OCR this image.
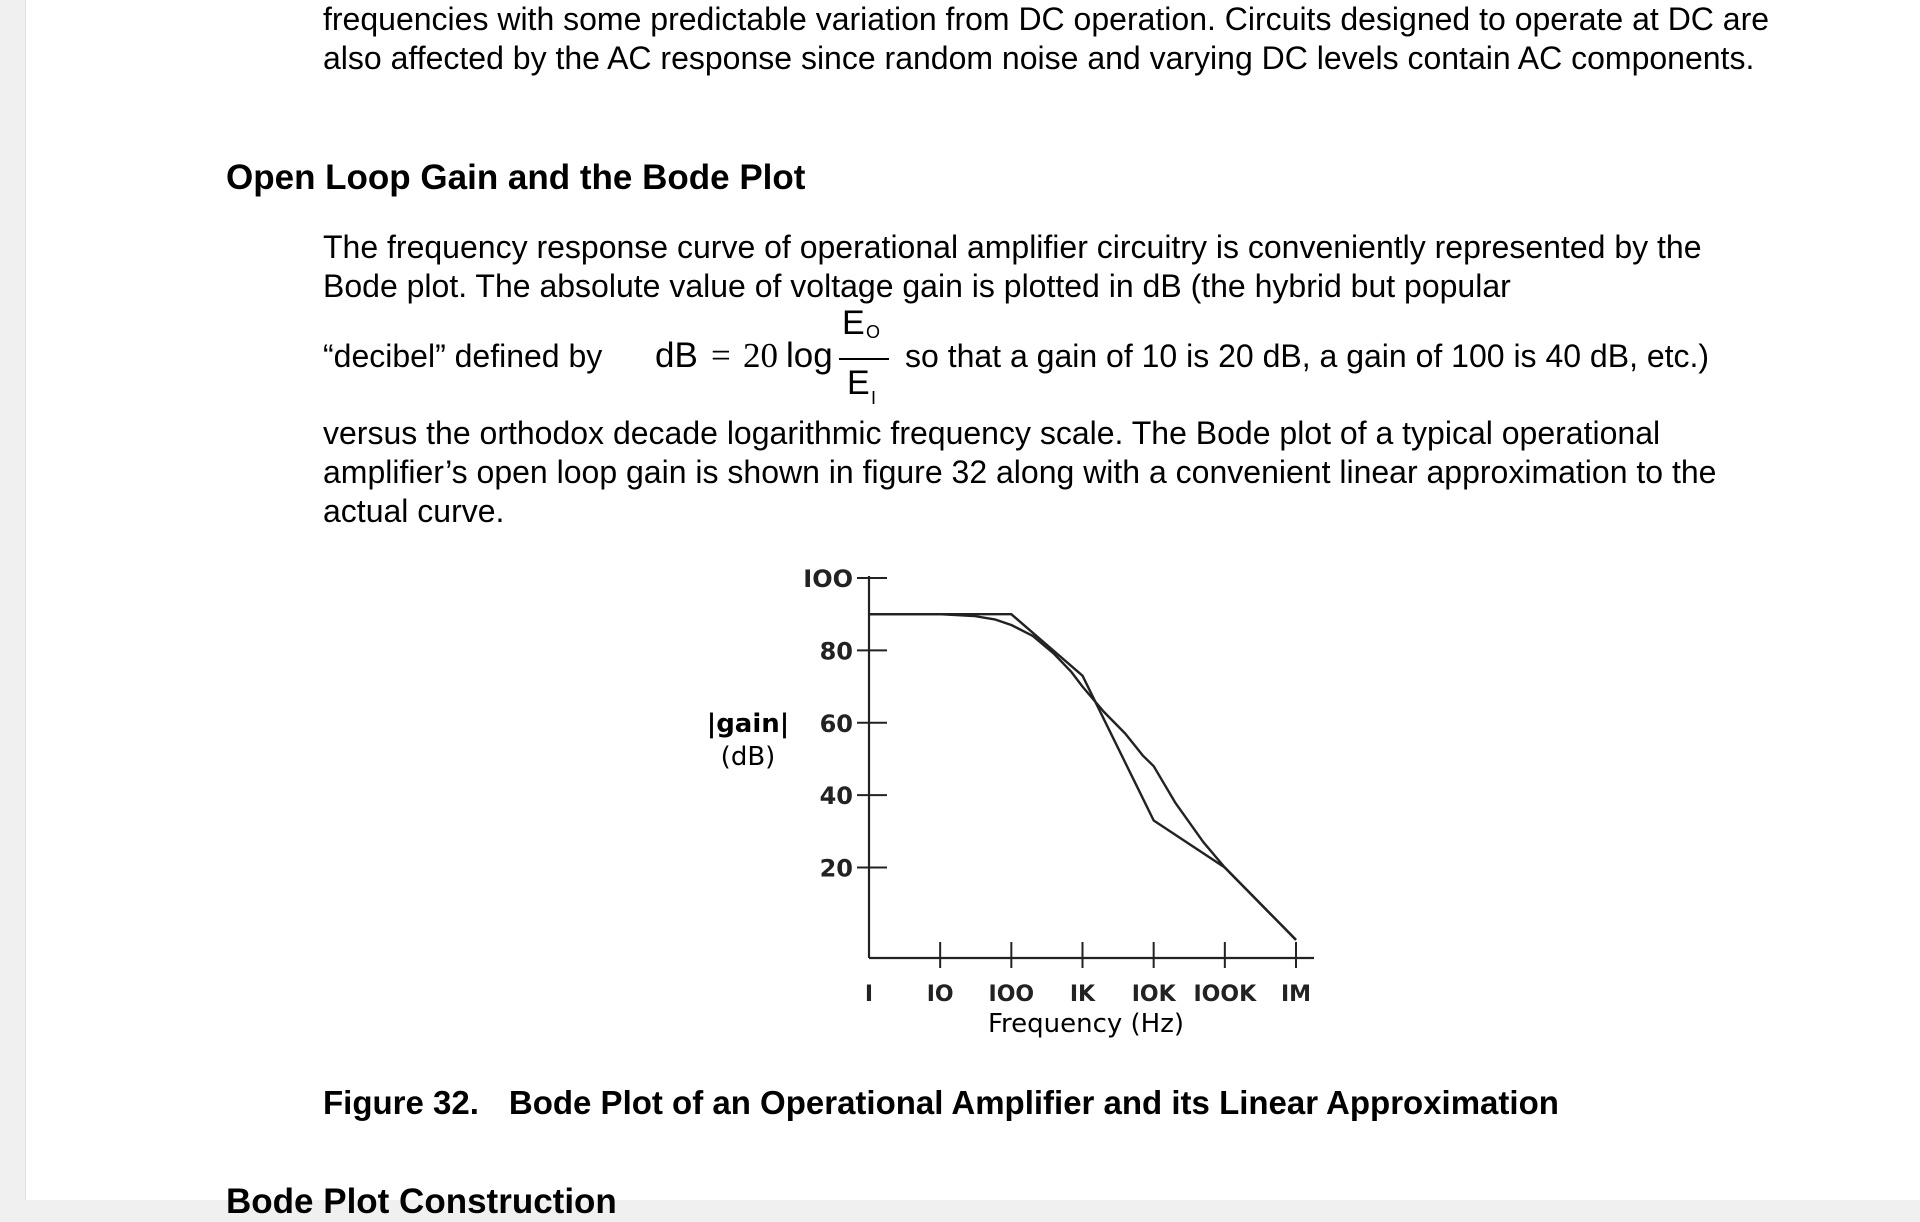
frequencies with some predictable variation from DC operation. Circuits designed to operate at DC are also affected by the AC response since random noise and varying DC levels contain AC components.

Open Loop Gain and the Bode Plot

The frequency response curve of operational amplifier circuitry is conveniently represented by the Bode plot. The absolute value of voltage gain is plotted in dB (the hybrid but popular

“decibel” defined by dB = 20 log
E O
E I
so that a gain of 10 is 20 dB, a gain of 100 is 40 dB, etc.)

versus the orthodox decade logarithmic frequency scale. The Bode plot of a typical operational amplifier’s open loop gain is shown in figure 32 along with a convenient linear approximation to the actual curve.

|gain|
(dB)
Frequency (Hz)
20
40
60
80
IOO
I IO IOO IK IOK IOOK IM

Figure 32. Bode Plot of an Operational Amplifier and its Linear Approximation

Bode Plot Construction
